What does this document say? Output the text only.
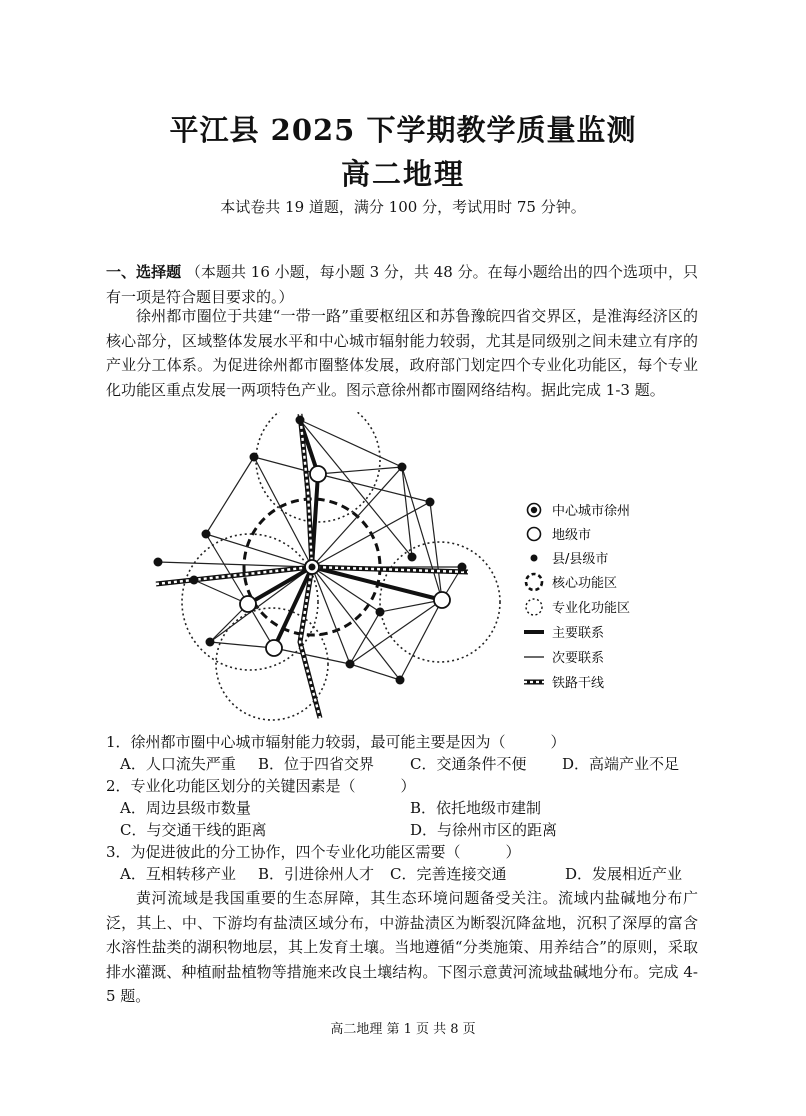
平江县 2025 下学期教学质量监测
高二地理
本试卷共 19 道题，满分 100 分，考试用时 75 分钟。
一、选择题 （本题共 16 小题，每小题 3 分，共 48 分。在每小题给出的四个选项中，只有一项是符合题目要求的。）
徐州都市圈位于共建“一带一路”重要枢纽区和苏鲁豫皖四省交界区，是淮海经济区的核心部分，区域整体发展水平和中心城市辐射能力较弱，尤其是同级别之间未建立有序的产业分工体系。为促进徐州都市圈整体发展，政府部门划定四个专业化功能区，每个专业化功能区重点发展一两项特色产业。图示意徐州都市圈网络结构。据此完成 1-3 题。
中心城市徐州
地级市
县/县级市
核心功能区
专业化功能区
主要联系
次要联系
铁路干线
1．徐州都市圈中心城市辐射能力较弱，最可能主要是因为（　　　）
A．人口流失严重 B．位于四省交界 C．交通条件不便 D．高端产业不足
2．专业化功能区划分的关键因素是（　　　）
A．周边县级市数量	B．依托地级市建制
C．与交通干线的距离	D．与徐州市区的距离
3．为促进彼此的分工协作，四个专业化功能区需要（　　　）
A．互相转移产业 B．引进徐州人才 C．完善连接交通	D．发展相近产业
黄河流域是我国重要的生态屏障，其生态环境问题备受关注。流域内盐碱地分布广泛，其上、中、下游均有盐渍区域分布，中游盐渍区为断裂沉降盆地，沉积了深厚的富含水溶性盐类的湖积物地层，其上发育土壤。当地遵循“分类施策、用养结合”的原则，采取排水灌溉、种植耐盐植物等措施来改良土壤结构。下图示意黄河流域盐碱地分布。完成 4-5 题。
高二地理 第 1 页 共 8 页
